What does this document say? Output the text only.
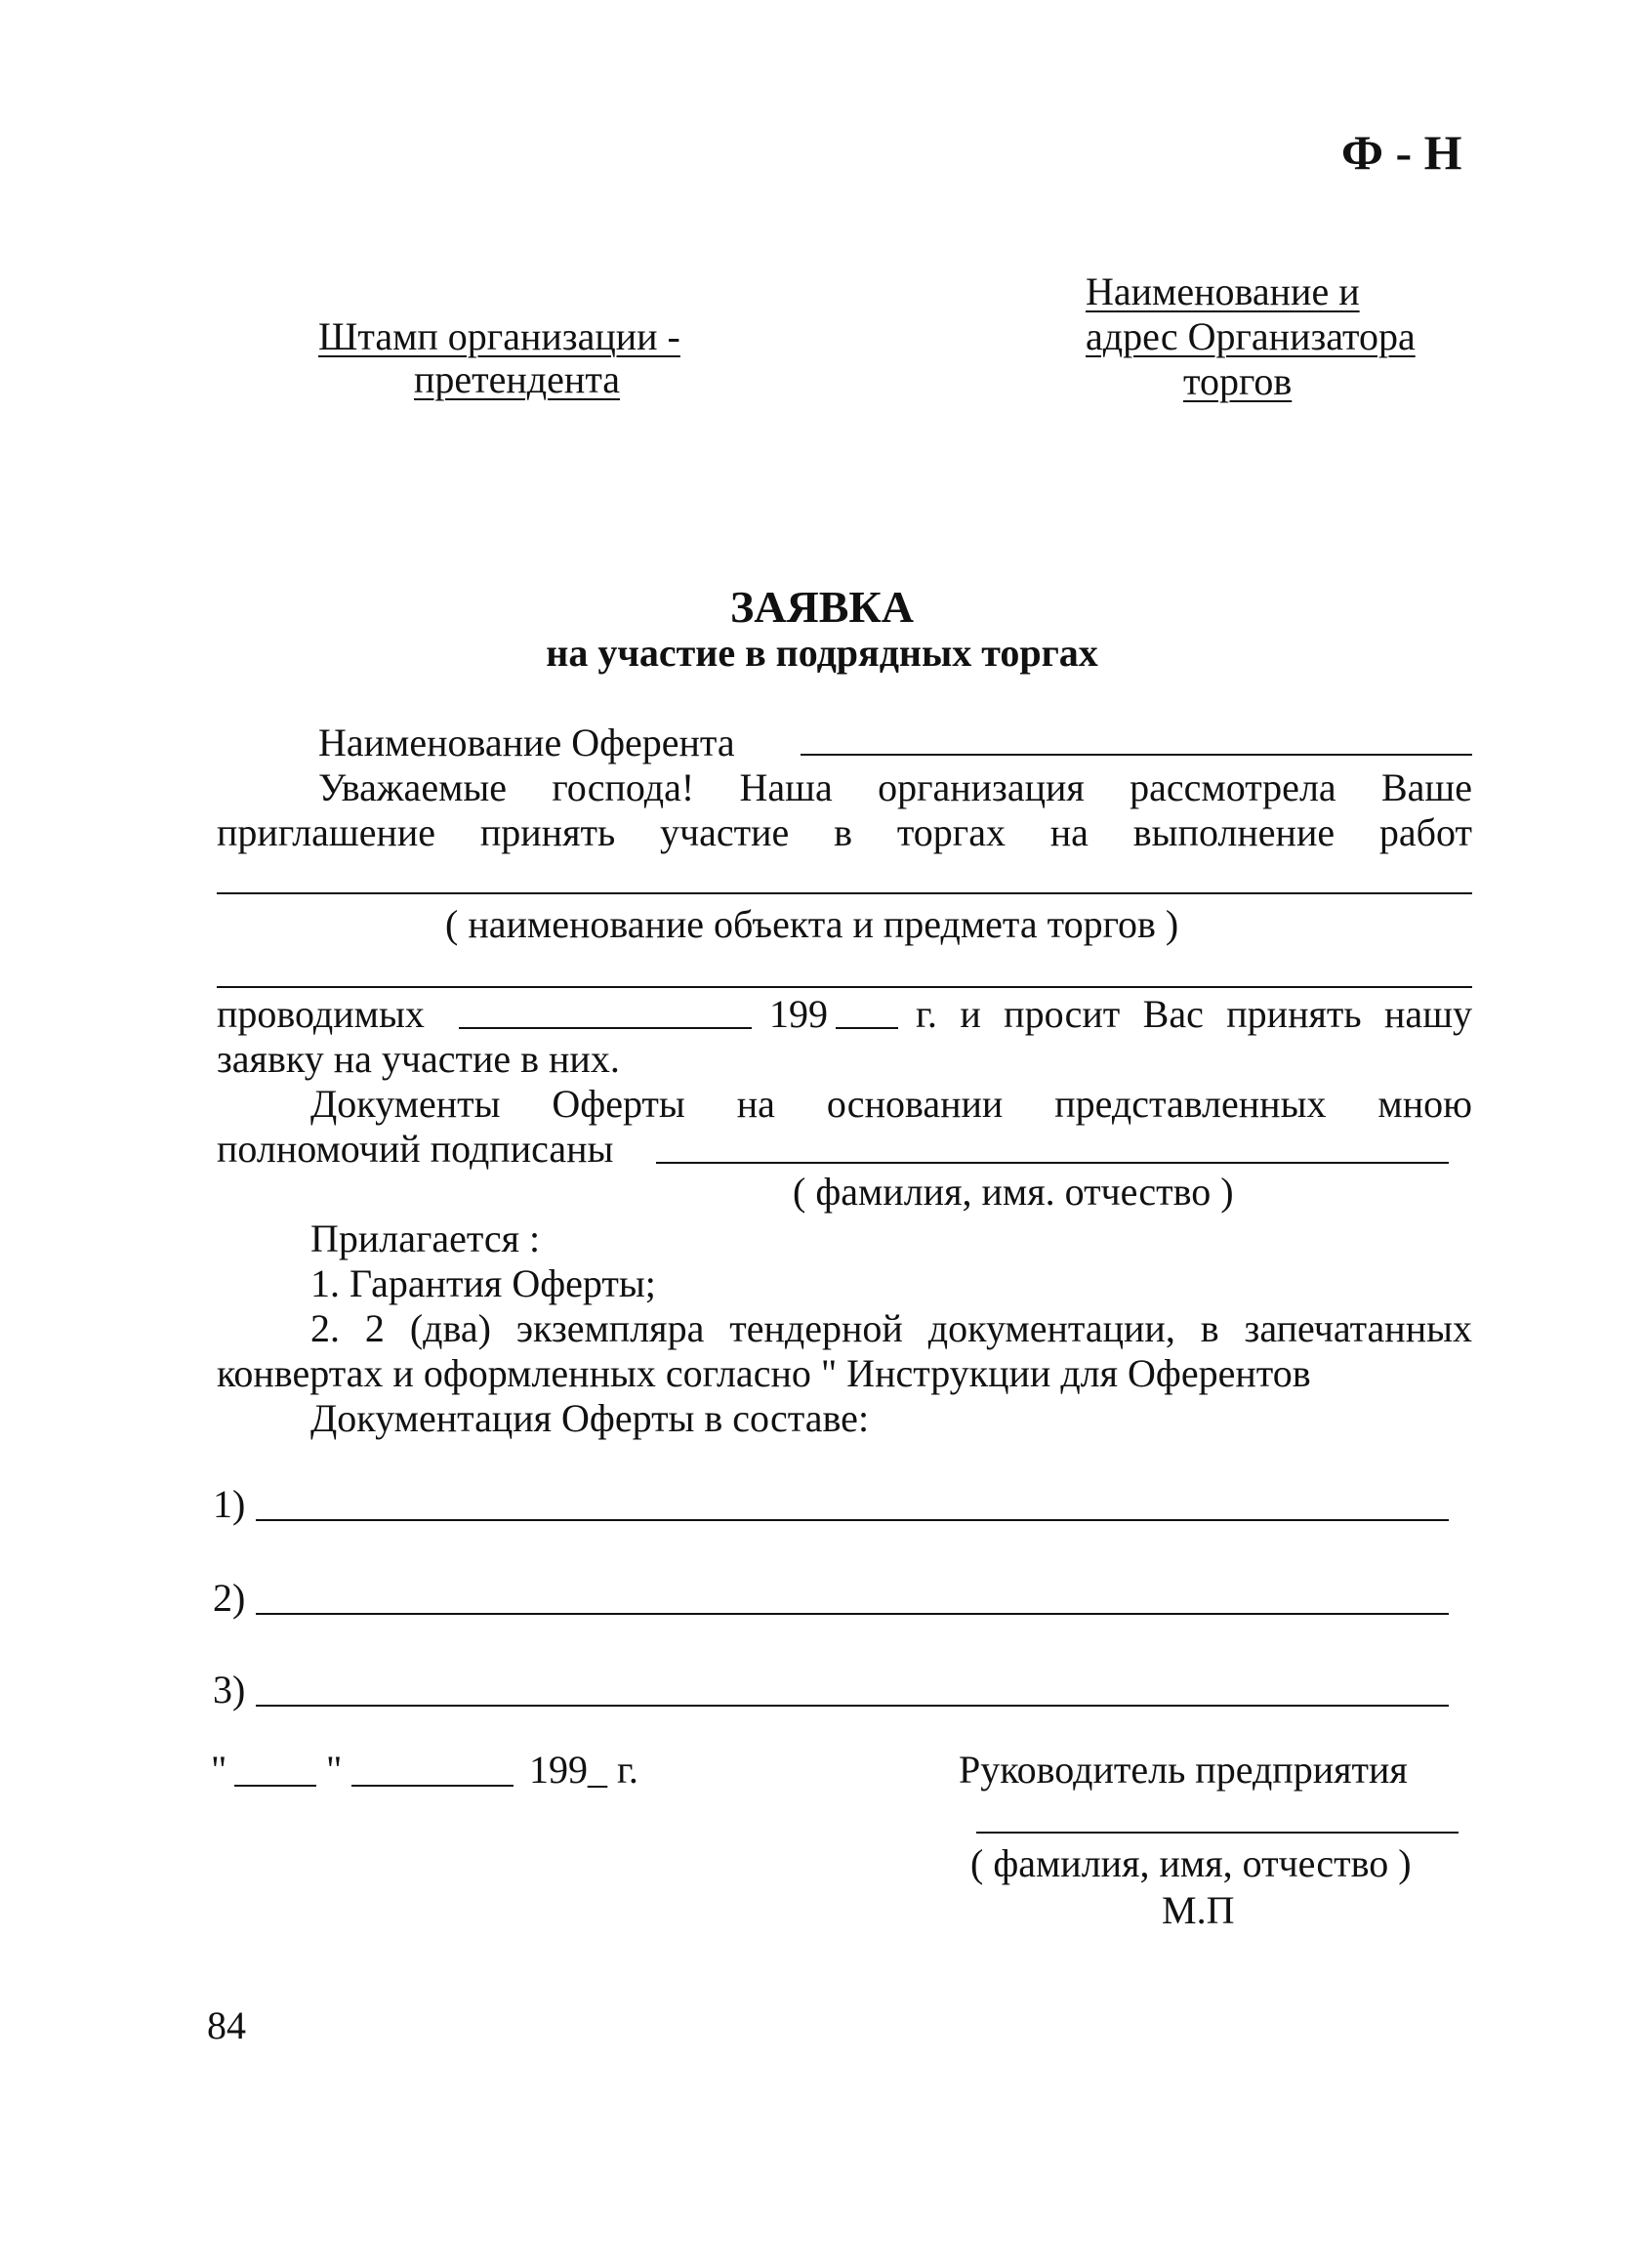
Ф - Н
Штамп организации -
претендента
Наименование и
адрес Организатора
торгов
ЗАЯВКА
на участие в подрядных торгах
Наименование Оферента
Уважаемые господа! Наша организация рассмотрела Ваше
приглашение принять участие в торгах на выполнение работ
( наименование объекта и предмета торгов )
проводимых	199 г. и просит Вас принять нашу
заявку на участие в них.
Документы Оферты на основании представленных мною
полномочий подписаны
( фамилия, имя. отчество )
Прилагается :
1. Гарантия Оферты;
2. 2 (два) экземпляра тендерной документации, в запечатанных
конвертах и оформленных согласно " Инструкции для Оферентов
Документация Оферты в составе:
1)
2)
3)
"	"	199_ г.	Руководитель предприятия
( фамилия, имя, отчество )
М.П
84
